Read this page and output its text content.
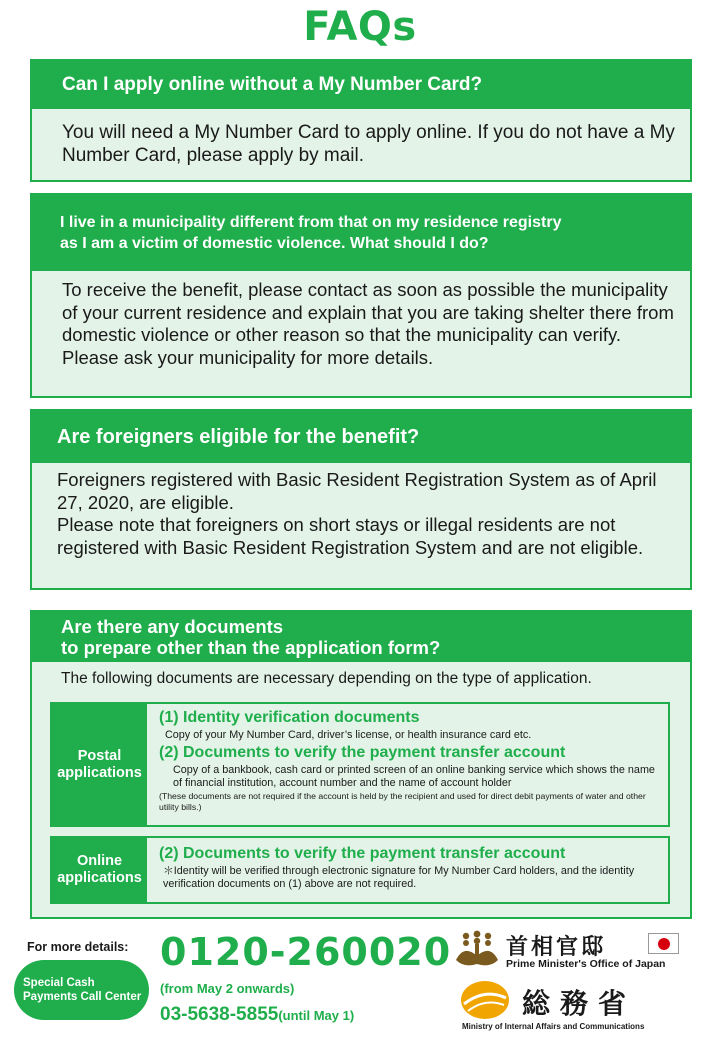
FAQs
Can I apply online without a My Number Card?

You will need a My Number Card to apply online. If you do not have a My Number Card, please apply by mail.

I live in a municipality different from that on my residence registry
as I am a victim of domestic violence. What should I do?

To receive the benefit, please contact as soon as possible the municipality of your current residence and explain that you are taking shelter there from domestic violence or other reason so that the municipality can verify.

Please ask your municipality for more details.

Are foreigners eligible for the benefit?

Foreigners registered with Basic Resident Registration System as of April 27, 2020, are eligible.

Please note that foreigners on short stays or illegal residents are not registered with Basic Resident Registration System and are not eligible.

Are there any documents
to prepare other than the application form?
The following documents are necessary depending on the type of application.
Postal applications
(1) Identity verification documents
Copy of your My Number Card, driver’s license, or health insurance card etc.
(2) Documents to verify the payment transfer account
Copy of a bankbook, cash card or printed screen of an online banking service which shows the name of financial institution, account number and the name of account holder
(These documents are not required if the account is held by the recipient and used for direct debit payments of water and other utility bills.)
Online applications
(2) Documents to verify the payment transfer account
＊Identity will be verified through electronic signature for My Number Card holders, and the identity verification documents on (1) above are not required.
For more details:
Special Cash
Payments Call Center
0120-260020
(from May 2 onwards)
03-5638-5855(until May 1)
首相官邸
Prime Minister's Office of Japan
総務省
Ministry of Internal Affairs and Communications
